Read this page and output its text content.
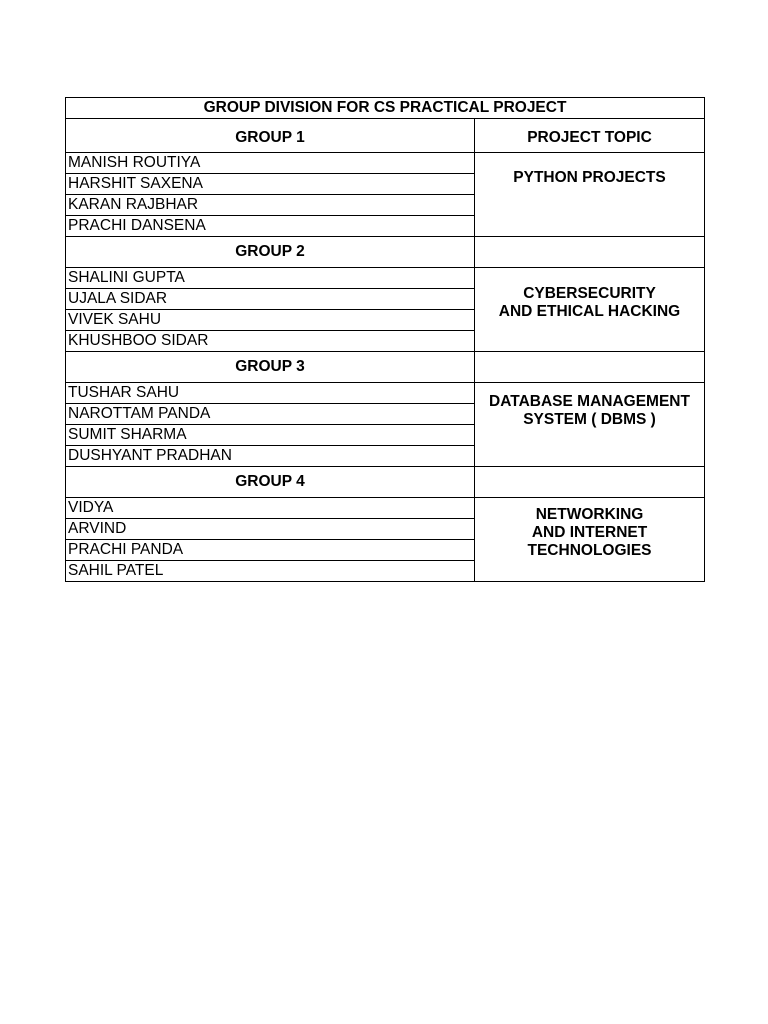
GROUP DIVISION FOR CS PRACTICAL PROJECT	
GROUP 1	PROJECT TOPIC
MANISH ROUTIYA	PYTHON PROJECTS

HARSHIT SAXENA	
KARAN RAJBHAR	
PRACHI DANSENA	
GROUP 2	
SHALINI GUPTA	CYBERSECURITY
AND ETHICAL HACKING

UJALA SIDAR	
VIVEK SAHU	
KHUSHBOO SIDAR	
GROUP 3	
TUSHAR SAHU	DATABASE MANAGEMENT
SYSTEM ( DBMS )

NAROTTAM PANDA	
SUMIT SHARMA	
DUSHYANT PRADHAN	
GROUP 4	
VIDYA	NETWORKING
AND INTERNET
TECHNOLOGIES

ARVIND	
PRACHI PANDA	
SAHIL PATEL	
